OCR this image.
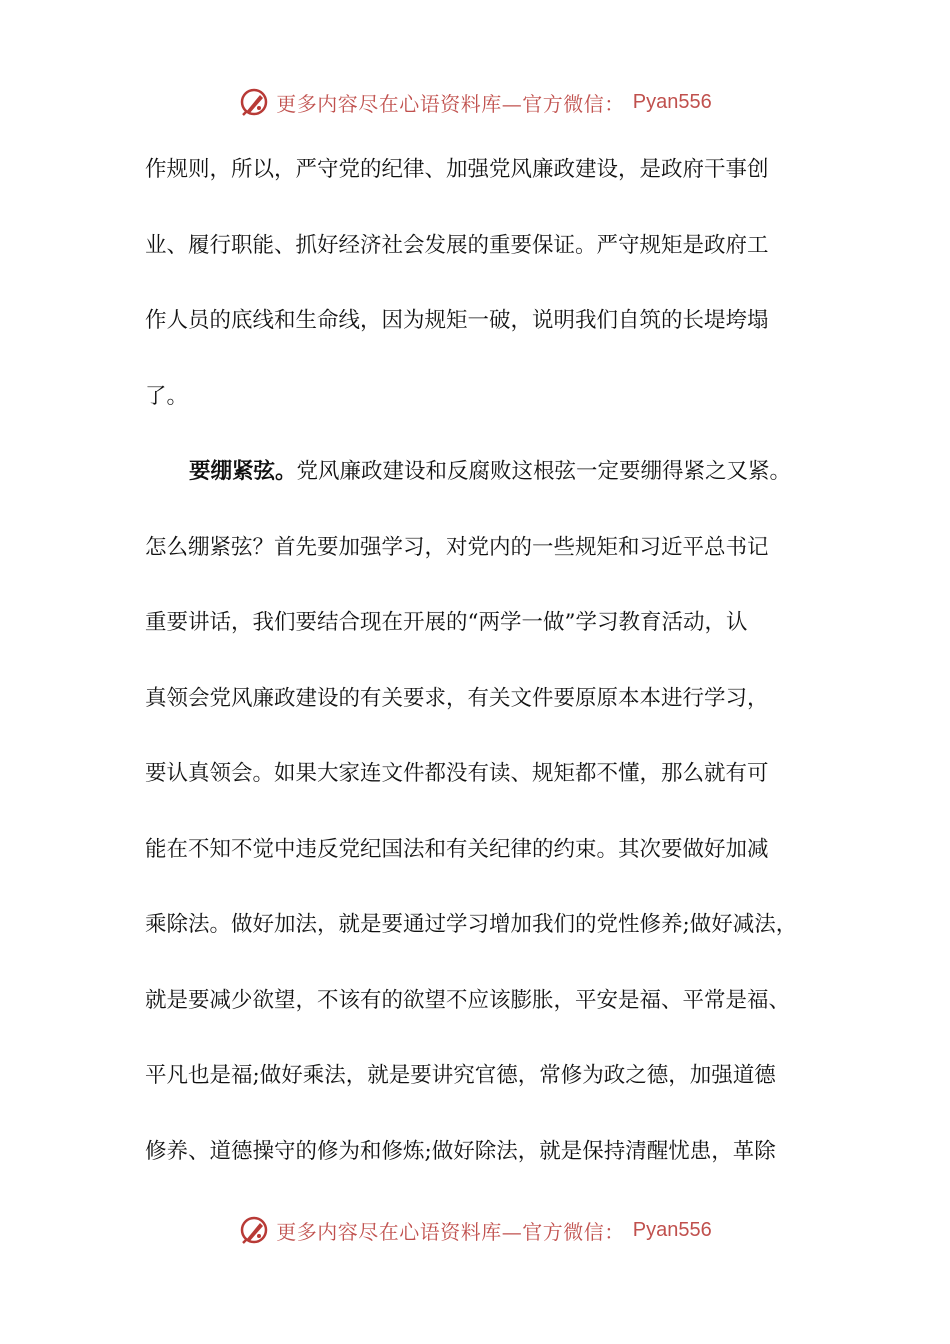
更多内容尽在心语资料库—官方微信： Pyan556
作规则，所以，严守党的纪律、加强党风廉政建设，是政府干事创
业、履行职能、抓好经济社会发展的重要保证。严守规矩是政府工
作人员的底线和生命线，因为规矩一破，说明我们自筑的长堤垮塌
了。
要绷紧弦。党风廉政建设和反腐败这根弦一定要绷得紧之又紧。
怎么绷紧弦？首先要加强学习，对党内的一些规矩和习近平总书记
重要讲话，我们要结合现在开展的“两学一做”学习教育活动，认
真领会党风廉政建设的有关要求，有关文件要原原本本进行学习，
要认真领会。如果大家连文件都没有读、规矩都不懂，那么就有可
能在不知不觉中违反党纪国法和有关纪律的约束。其次要做好加减
乘除法。做好加法，就是要通过学习增加我们的党性修养;做好减法，
就是要减少欲望，不该有的欲望不应该膨胀，平安是福、平常是福、
平凡也是福;做好乘法，就是要讲究官德，常修为政之德，加强道德
修养、道德操守的修为和修炼;做好除法，就是保持清醒忧患，革除
更多内容尽在心语资料库—官方微信： Pyan556
